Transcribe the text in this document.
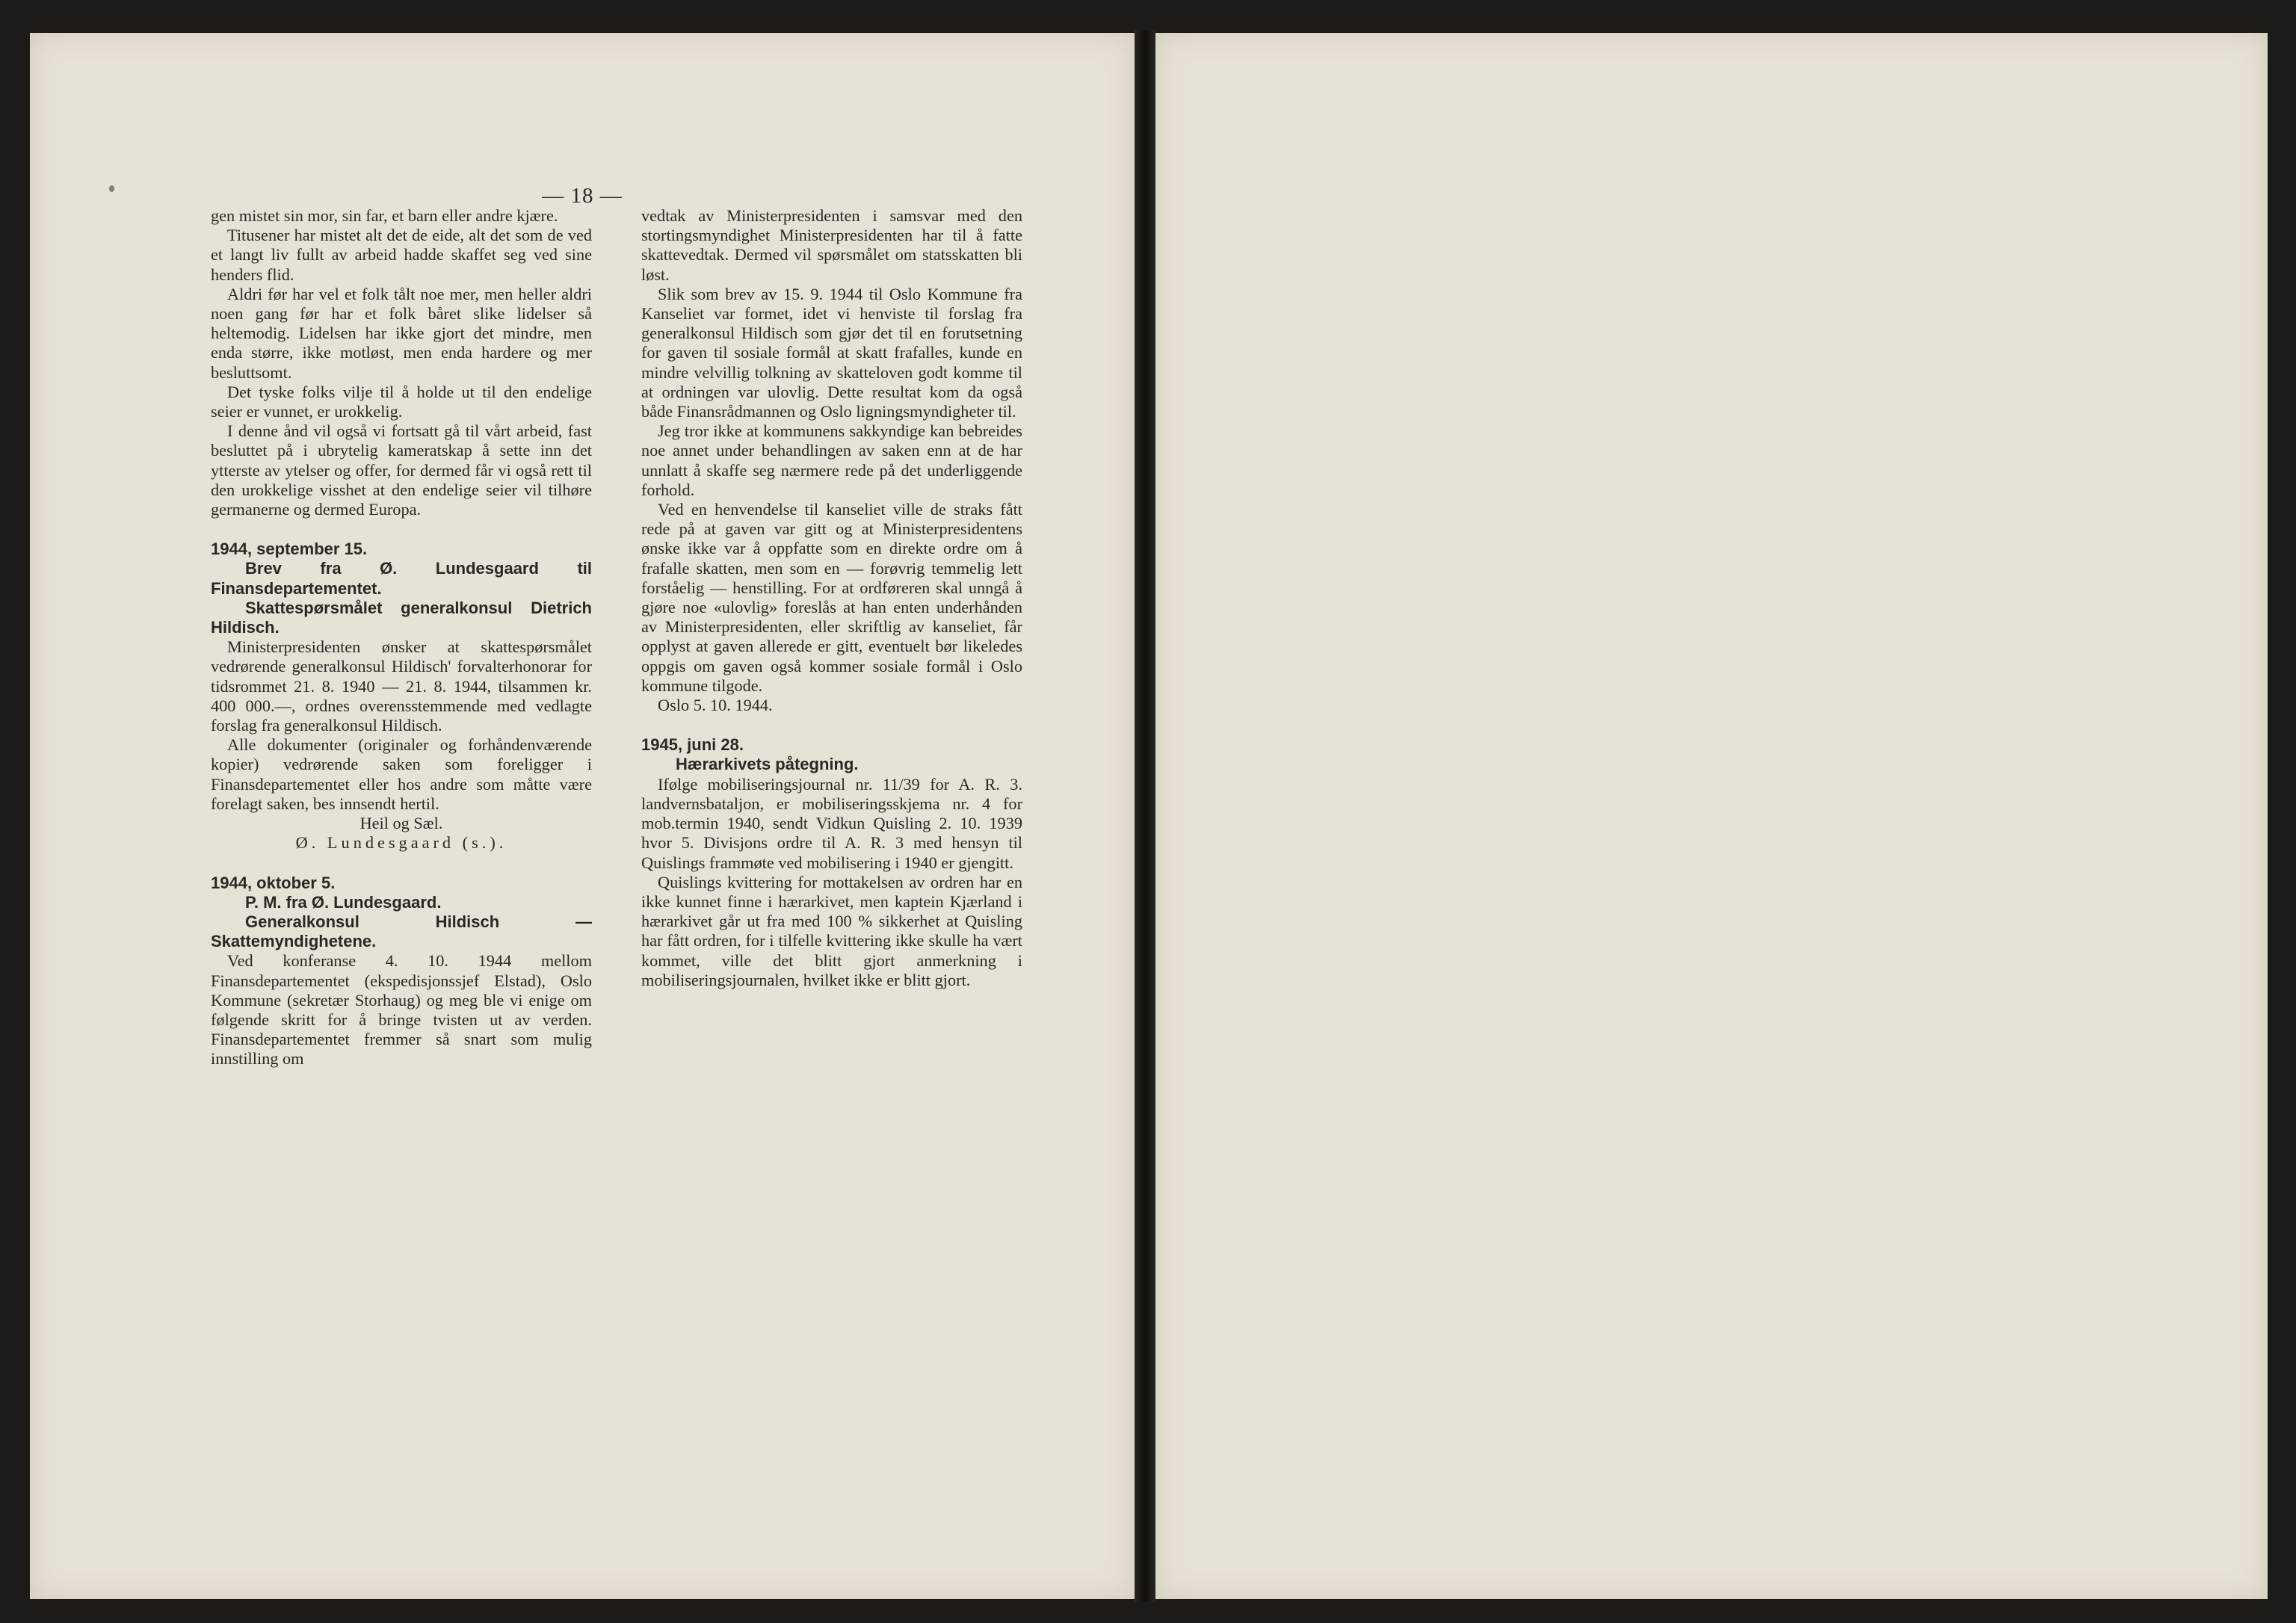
— 18 —

gen mistet sin mor, sin far, et barn eller andre kjære.

Titusener har mistet alt det de eide, alt det som de ved et langt liv fullt av arbeid hadde skaffet seg ved sine henders flid.

Aldri før har vel et folk tålt noe mer, men heller aldri noen gang før har et folk båret slike lidelser så heltemodig. Lidelsen har ikke gjort det mindre, men enda større, ikke motløst, men enda hardere og mer besluttsomt.

Det tyske folks vilje til å holde ut til den endelige seier er vunnet, er urokkelig.

I denne ånd vil også vi fortsatt gå til vårt arbeid, fast besluttet på i ubrytelig kameratskap å sette inn det ytterste av ytelser og offer, for dermed får vi også rett til den urokkelige visshet at den endelige seier vil tilhøre germanerne og dermed Europa.

1944, september 15.

Brev fra Ø. Lundesgaard til Finansdepartementet.

Skattespørsmålet generalkonsul Dietrich Hildisch.

Ministerpresidenten ønsker at skattespørsmålet vedrørende generalkonsul Hildisch' forvalterhonorar for tidsrommet 21. 8. 1940 — 21. 8. 1944, tilsammen kr. 400 000.—, ordnes overensstemmende med vedlagte forslag fra generalkonsul Hildisch.

Alle dokumenter (originaler og forhåndenværende kopier) vedrørende saken som foreligger i Finansdepartementet eller hos andre som måtte være forelagt saken, bes innsendt hertil.

Heil og Sæl.

Ø. Lundesgaard (s.).

1944, oktober 5.

P. M. fra Ø. Lundesgaard.

Generalkonsul Hildisch — Skattemyndighetene.

Ved konferanse 4. 10. 1944 mellom Finansdepartementet (ekspedisjonssjef Elstad), Oslo Kommune (sekretær Storhaug) og meg ble vi enige om følgende skritt for å bringe tvisten ut av verden. Finansdepartementet fremmer så snart som mulig innstilling om

vedtak av Ministerpresidenten i samsvar med den stortingsmyndighet Ministerpresidenten har til å fatte skattevedtak. Dermed vil spørsmålet om statsskatten bli løst.

Slik som brev av 15. 9. 1944 til Oslo Kommune fra Kanseliet var formet, idet vi henviste til forslag fra generalkonsul Hildisch som gjør det til en forutsetning for gaven til sosiale formål at skatt frafalles, kunde en mindre velvillig tolkning av skatteloven godt komme til at ordningen var ulovlig. Dette resultat kom da også både Finansrådmannen og Oslo ligningsmyndigheter til.

Jeg tror ikke at kommunens sakkyndige kan bebreides noe annet under behandlingen av saken enn at de har unnlatt å skaffe seg nærmere rede på det underliggende forhold.

Ved en henvendelse til kanseliet ville de straks fått rede på at gaven var gitt og at Ministerpresidentens ønske ikke var å oppfatte som en direkte ordre om å frafalle skatten, men som en — forøvrig temmelig lett forståelig — henstilling. For at ordføreren skal unngå å gjøre noe «ulovlig» foreslås at han enten underhånden av Ministerpresidenten, eller skriftlig av kanseliet, får opplyst at gaven allerede er gitt, eventuelt bør likeledes oppgis om gaven også kommer sosiale formål i Oslo kommune tilgode.

Oslo 5. 10. 1944.

1945, juni 28.

Hærarkivets påtegning.

Ifølge mobiliseringsjournal nr. 11/39 for A. R. 3. landvernsbataljon, er mobiliseringsskjema nr. 4 for mob.termin 1940, sendt Vidkun Quisling 2. 10. 1939 hvor 5. Divisjons ordre til A. R. 3 med hensyn til Quislings frammøte ved mobilisering i 1940 er gjengitt.

Quislings kvittering for mottakelsen av ordren har en ikke kunnet finne i hærarkivet, men kaptein Kjærland i hærarkivet går ut fra med 100 % sikkerhet at Quisling har fått ordren, for i tilfelle kvittering ikke skulle ha vært kommet, ville det blitt gjort anmerkning i mobiliseringsjournalen, hvilket ikke er blitt gjort.
